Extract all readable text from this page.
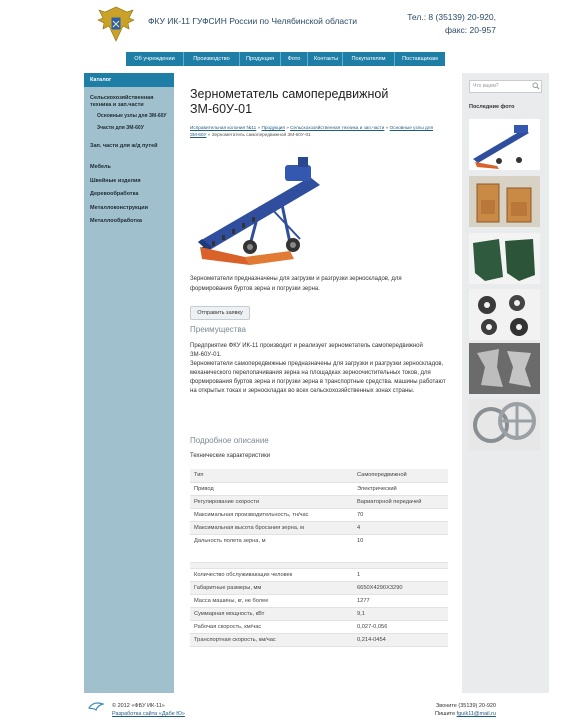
ФКУ ИК-11 ГУФСИН России по Челябинской области	Тел.: 8 (35139) 20-920,
факс: 20-957
Об учреждении	Производство	Продукция	Фото	Контакты	Покупателям	Поставщикам
Каталог
Сельскохозяйственная техника и зап.части
Основные узлы для ЗМ-60У
Зчасти для ЗМ-60У
Зап. части для ж/д путей
Мебель
Швейные изделия
Деревообработка
Металлоконструкции
Металлообработка
Зернометатель самопередвижной ЗМ-60У-01
Исправительная колония №11 » Продукция » Сельскохозяйственная техника и зап.части » Основные узлы для ЗМ-60У » Зернометатель самопередвижной ЗМ-60У-01
Зернометатели предназначены для загрузки и разгрузки зерноскладов, для формирования буртов зерна и погрузки зерна.
Отправить заявку
Преимущества
Предприятие ФКУ ИК-11 производит и реализует зернометатель самопередвижной ЗМ-60У-01.
Зернометатели самопередвижные предназначены для загрузки и разгрузки зерноскладов, механического перелопачивания зерна на площадках зерноочистительных токов, для формирования буртов зерна и погрузки зерна в транспортные средства. машины работают на открытых токах и зерноскладах во всех сельскохозяйственных зонах страны.
Подробное описание
Технические характеристики
Тип	Самопередвижной
Привод	Электрический
Регулирование скорости	Вариаторной передачей
Максимальная производительность, тн/час	70
Максимальная высота бросания зерна, м	4
Дальность полета зерна, м	10

Количество обслуживающих человек	1
Габаритные размеры, мм	6650Х4290Х3290
Масса машины, кг, не более	1277
Суммарная мощность, кВт	9,1
Рабочая скорость, км/час	0,027-0,056
Транспортная скорость, км/час	0,214-0454
Что ищем?
Последние фото
© 2012 «ФБУ ИК-11»
Разработка сайта «Дабе Ю»
Звоните (35139) 20-920
Пишите fguik11@mail.ru
